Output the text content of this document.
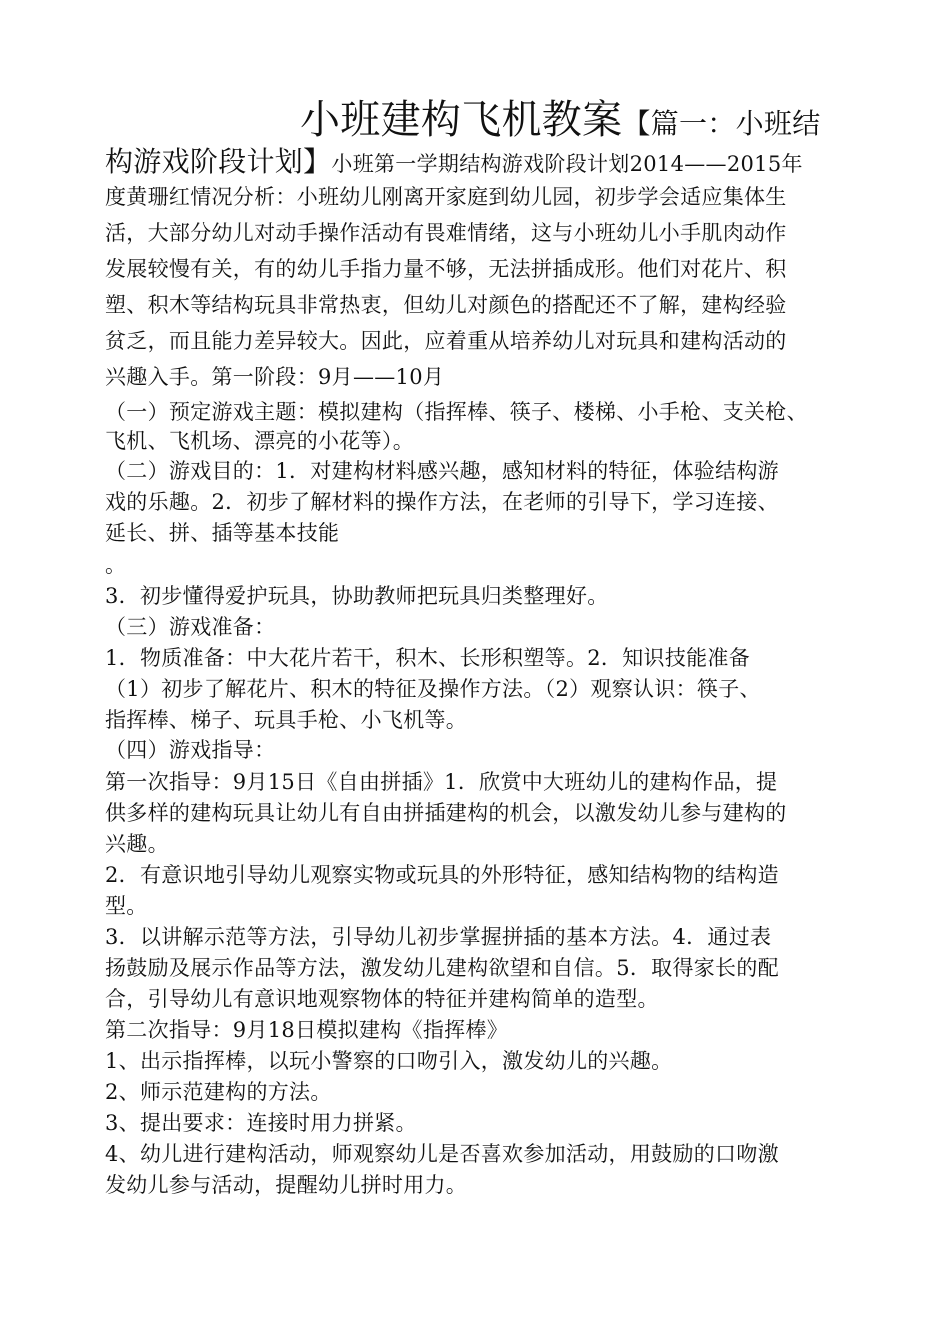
小班建构飞机教案【篇一：小班结
构游戏阶段计划】小班第一学期结构游戏阶段计划2014——2015年
度黄珊红情况分析：小班幼儿刚离开家庭到幼儿园，初步学会适应集体生
活，大部分幼儿对动手操作活动有畏难情绪，这与小班幼儿小手肌肉动作
发展较慢有关，有的幼儿手指力量不够，无法拼插成形。他们对花片、积
塑、积木等结构玩具非常热衷，但幼儿对颜色的搭配还不了解，建构经验
贫乏，而且能力差异较大。因此，应着重从培养幼儿对玩具和建构活动的
兴趣入手。第一阶段：9月——10月
（一）预定游戏主题：模拟建构（指挥棒、筷子、楼梯、小手枪、支关枪、
飞机、飞机场、漂亮的小花等）。
（二）游戏目的：1．对建构材料感兴趣，感知材料的特征，体验结构游
戏的乐趣。2．初步了解材料的操作方法，在老师的引导下，学习连接、
延长、拼、插等基本技能
。
3．初步懂得爱护玩具，协助教师把玩具归类整理好。
（三）游戏准备：
1．物质准备：中大花片若干，积木、长形积塑等。2．知识技能准备
（1）初步了解花片、积木的特征及操作方法。（2）观察认识：筷子、
指挥棒、梯子、玩具手枪、小飞机等。
（四）游戏指导：
第一次指导：9月15日《自由拼插》1．欣赏中大班幼儿的建构作品，提
供多样的建构玩具让幼儿有自由拼插建构的机会，以激发幼儿参与建构的
兴趣。
2．有意识地引导幼儿观察实物或玩具的外形特征，感知结构物的结构造
型。
3．以讲解示范等方法，引导幼儿初步掌握拼插的基本方法。4．通过表
扬鼓励及展示作品等方法，激发幼儿建构欲望和自信。5．取得家长的配
合，引导幼儿有意识地观察物体的特征并建构简单的造型。
第二次指导：9月18日模拟建构《指挥棒》
1、出示指挥棒，以玩小警察的口吻引入，激发幼儿的兴趣。
2、师示范建构的方法。
3、提出要求：连接时用力拼紧。
4、幼儿进行建构活动，师观察幼儿是否喜欢参加活动，用鼓励的口吻激
发幼儿参与活动，提醒幼儿拼时用力。
